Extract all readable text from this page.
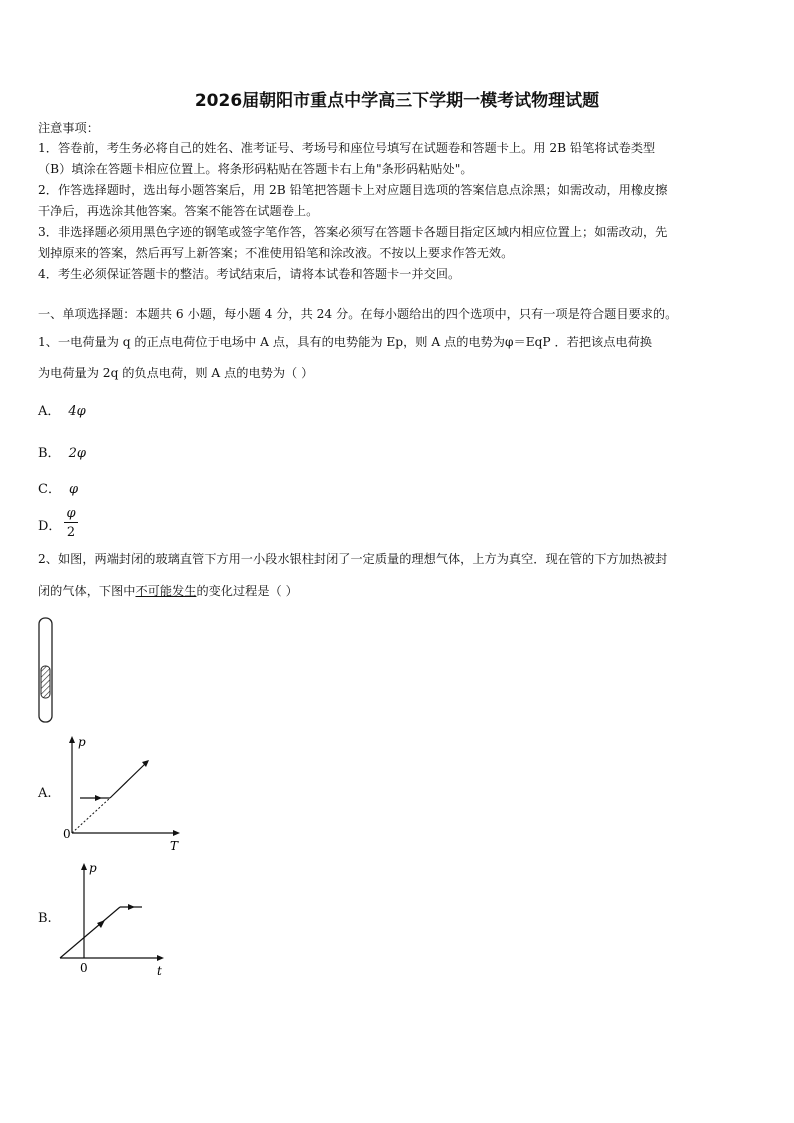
2026届朝阳市重点中学高三下学期一模考试物理试题
注意事项：
1．答卷前，考生务必将自己的姓名、准考证号、考场号和座位号填写在试题卷和答题卡上。用 2B 铅笔将试卷类型
（B）填涂在答题卡相应位置上。将条形码粘贴在答题卡右上角"条形码粘贴处"。
2．作答选择题时，选出每小题答案后，用 2B 铅笔把答题卡上对应题目选项的答案信息点涂黑；如需改动，用橡皮擦
干净后，再选涂其他答案。答案不能答在试题卷上。
3．非选择题必须用黑色字迹的钢笔或签字笔作答，答案必须写在答题卡各题目指定区域内相应位置上；如需改动，先
划掉原来的答案，然后再写上新答案；不准使用铅笔和涂改液。不按以上要求作答无效。
4．考生必须保证答题卡的整洁。考试结束后，请将本试卷和答题卡一并交回。
一、单项选择题：本题共 6 小题，每小题 4 分，共 24 分。在每小题给出的四个选项中，只有一项是符合题目要求的。
1、一电荷量为 q 的正点电荷位于电场中 A 点，具有的电势能为 Ep，则 A 点的电势为φ＝EqP ．若把该点电荷换
为电荷量为 2q 的负点电荷，则 A 点的电势为（ ）
A． 4φ
B． 2φ
C． φ
D． $\frac{\varphi}{2}$
2、如图，两端封闭的玻璃直管下方用一小段水银柱封闭了一定质量的理想气体，上方为真空．现在管的下方加热被封
闭的气体，下图中不可能发生的变化过程是（ ）
A.
p
0
T
B.
p
0	t
